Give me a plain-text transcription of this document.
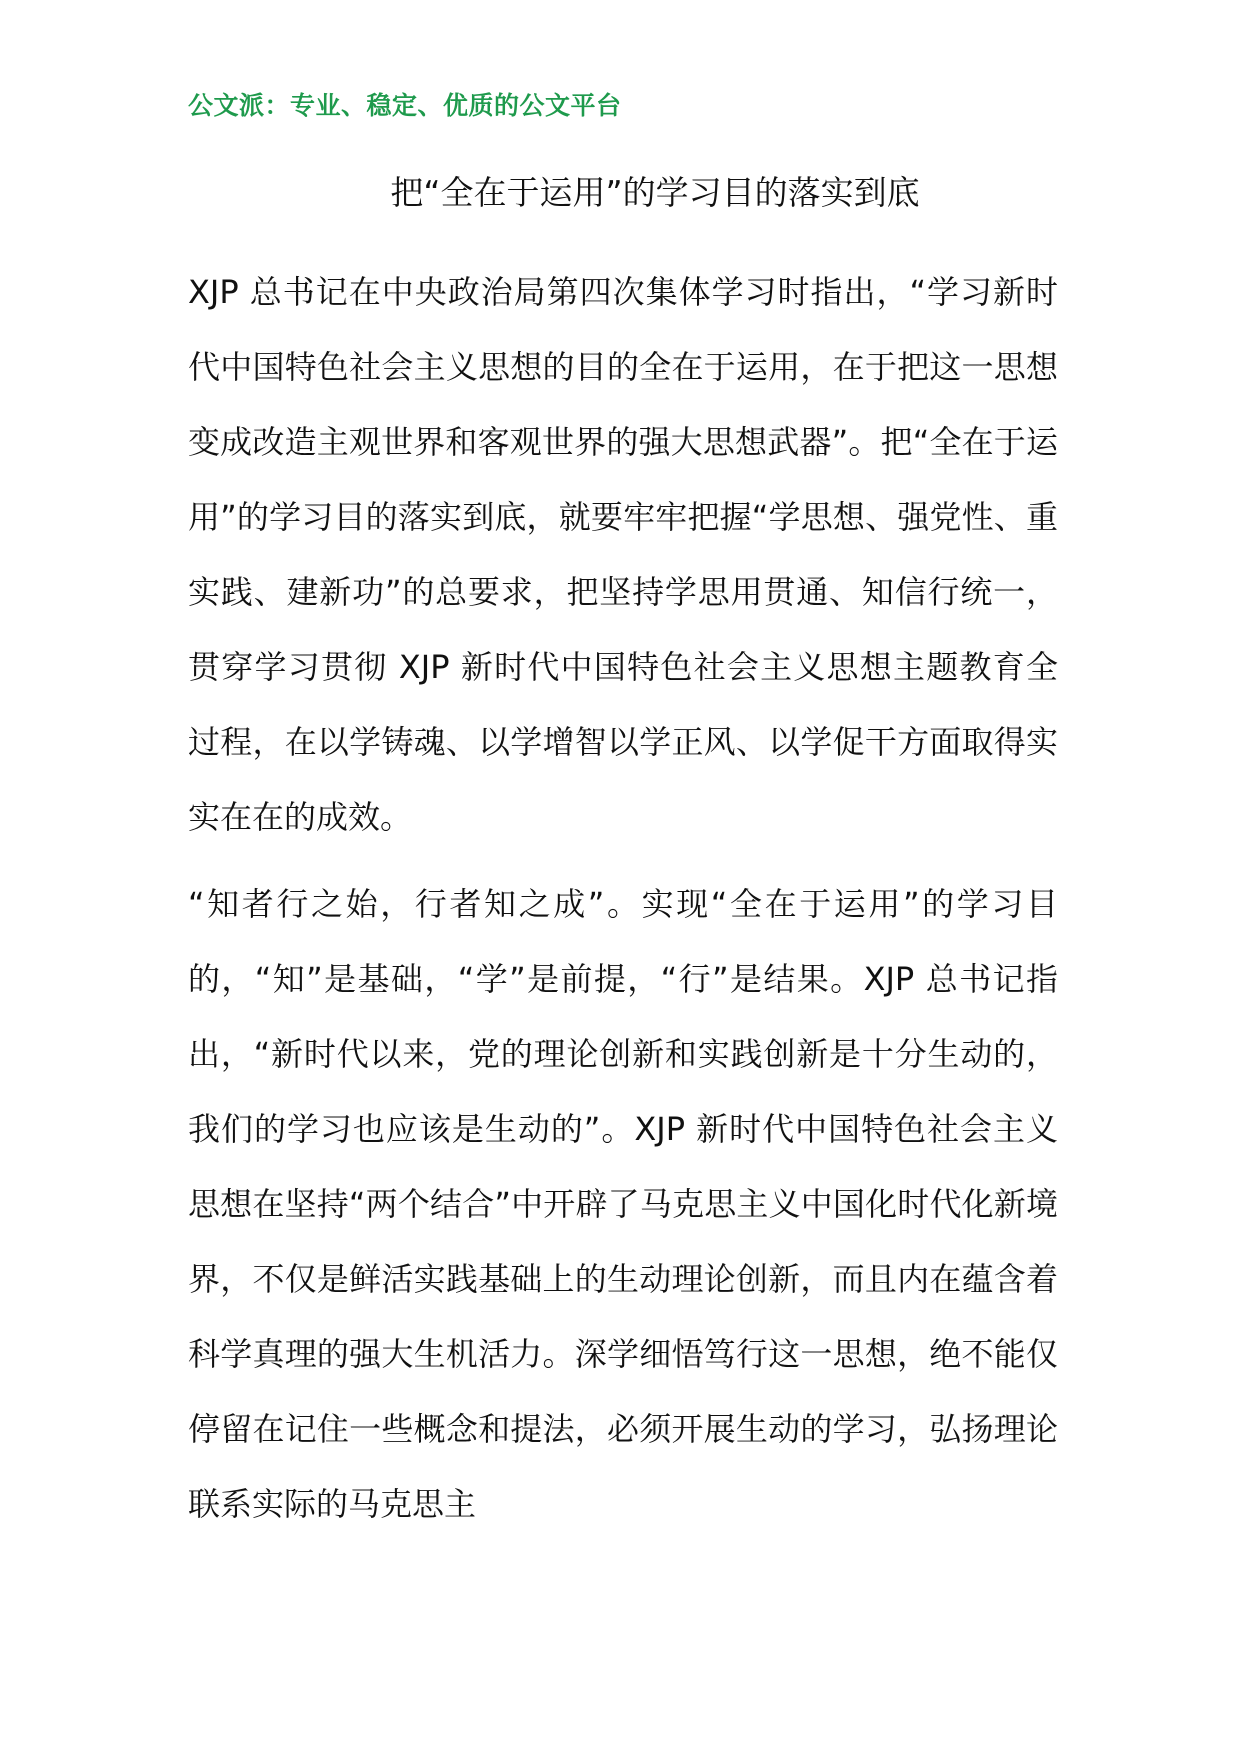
公文派：专业、稳定、优质的公文平台
把“全在于运用”的学习目的落实到底

XJP 总书记在中央政治局第四次集体学习时指出，“学习新时代中国特色社会主义思想的目的全在于运用，在于把这一思想变成改造主观世界和客观世界的强大思想武器”。把“全在于运用”的学习目的落实到底，就要牢牢把握“学思想、强党性、重实践、建新功”的总要求，把坚持学思用贯通、知信行统一，贯穿学习贯彻 XJP 新时代中国特色社会主义思想主题教育全过程，在以学铸魂、以学增智以学正风、以学促干方面取得实实在在的成效。

“知者行之始，行者知之成”。实现“全在于运用”的学习目的，“知”是基础，“学”是前提，“行”是结果。XJP 总书记指出，“新时代以来，党的理论创新和实践创新是十分生动的，我们的学习也应该是生动的”。XJP 新时代中国特色社会主义思想在坚持“两个结合”中开辟了马克思主义中国化时代化新境界，不仅是鲜活实践基础上的生动理论创新，而且内在蕴含着科学真理的强大生机活力。深学细悟笃行这一思想，绝不能仅停留在记住一些概念和提法，必须开展生动的学习，弘扬理论联系实际的马克思主
